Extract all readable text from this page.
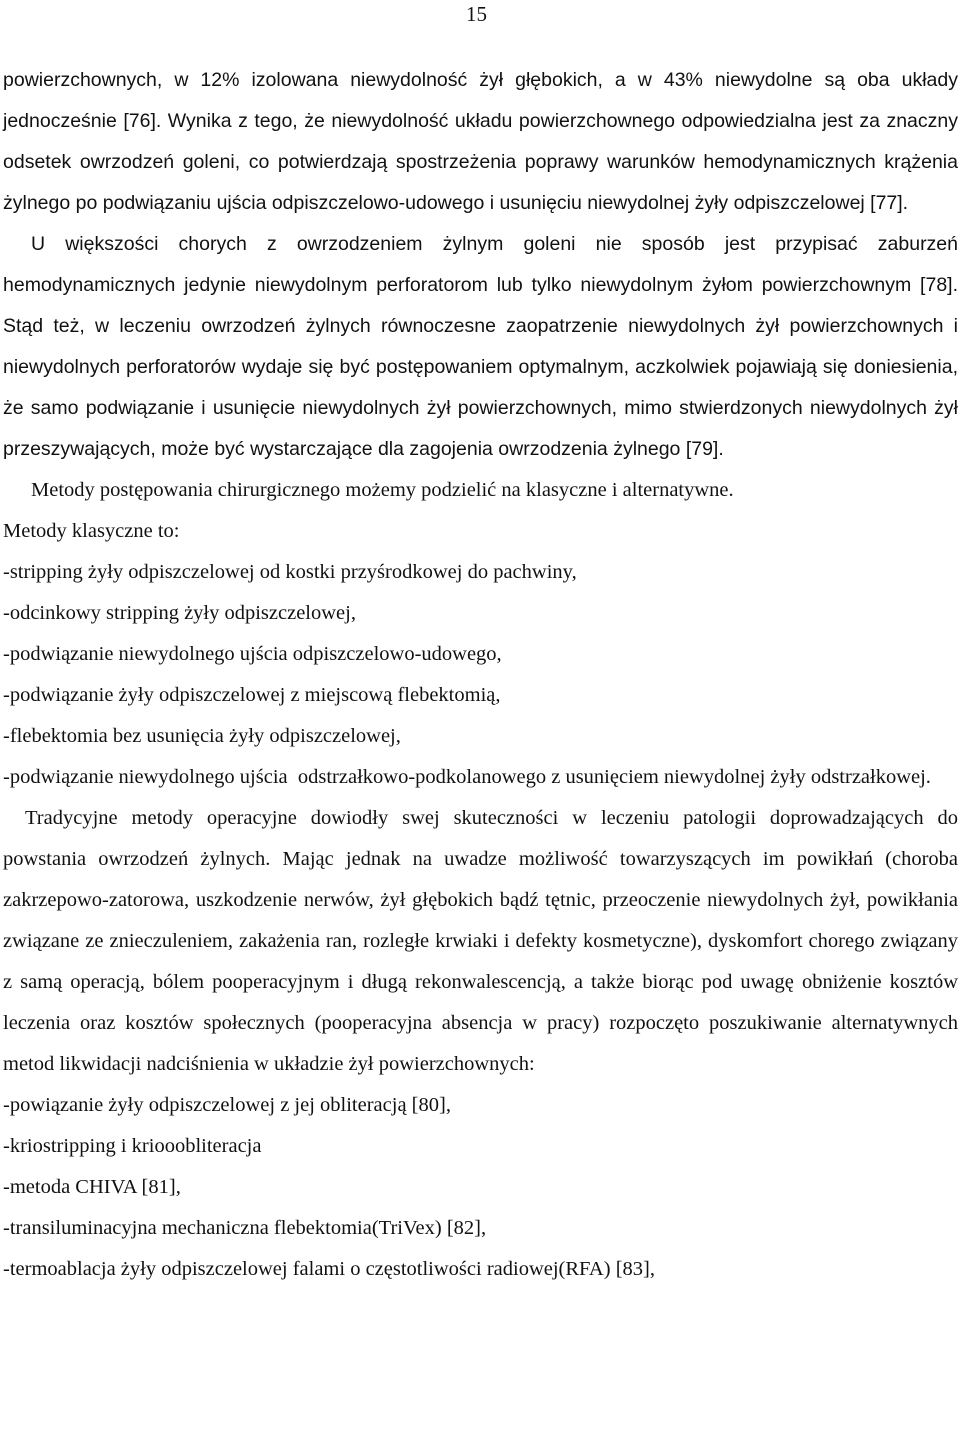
15

powierzchownych, w 12% izolowana niewydolność żył głębokich, a w 43% niewydolne są oba układy jednocześnie [76]. Wynika z tego, że niewydolność układu powierzchownego odpowiedzialna jest za znaczny odsetek owrzodzeń goleni, co potwierdzają spostrzeżenia poprawy warunków hemodynamicznych krążenia żylnego po podwiązaniu ujścia odpiszczelowo-udowego i usunięciu niewydolnej żyły odpiszczelowej [77].

U większości chorych z owrzodzeniem żylnym goleni nie sposób jest przypisać zaburzeń hemodynamicznych jedynie niewydolnym perforatorom lub tylko niewydolnym żyłom powierzchownym [78]. Stąd też, w leczeniu owrzodzeń żylnych równoczesne zaopatrzenie niewydolnych żył powierzchownych i niewydolnych perforatorów wydaje się być postępowaniem optymalnym, aczkolwiek pojawiają się doniesienia, że samo podwiązanie i usunięcie niewydolnych żył powierzchownych, mimo stwierdzonych niewydolnych żył przeszywających, może być wystarczające dla zagojenia owrzodzenia żylnego [79].

Metody postępowania chirurgicznego możemy podzielić na klasyczne i alternatywne.

Metody klasyczne to:

-stripping żyły odpiszczelowej od kostki przyśrodkowej do pachwiny,

-odcinkowy stripping żyły odpiszczelowej,

-podwiązanie niewydolnego ujścia odpiszczelowo-udowego,

-podwiązanie żyły odpiszczelowej z miejscową flebektomią,

-flebektomia bez usunięcia żyły odpiszczelowej,

-podwiązanie niewydolnego ujścia  odstrzałkowo-podkolanowego z usunięciem niewydolnej żyły odstrzałkowej.

Tradycyjne metody operacyjne dowiodły swej skuteczności w leczeniu patologii doprowadzających do powstania owrzodzeń żylnych. Mając jednak na uwadze możliwość towarzyszących im powikłań (choroba zakrzepowo-zatorowa, uszkodzenie nerwów, żył głębokich bądź tętnic, przeoczenie niewydolnych żył, powikłania związane ze znieczuleniem, zakażenia ran, rozległe krwiaki i defekty kosmetyczne), dyskomfort chorego związany z samą operacją, bólem pooperacyjnym i długą rekonwalescencją, a także biorąc pod uwagę obniżenie kosztów leczenia oraz kosztów społecznych (pooperacyjna absencja w pracy) rozpoczęto poszukiwanie alternatywnych metod likwidacji nadciśnienia w układzie żył powierzchownych:

-powiązanie żyły odpiszczelowej z jej obliteracją [80],

-kriostripping i kriooobliteracja

-metoda CHIVA [81],

-transiluminacyjna mechaniczna flebektomia(TriVex) [82],

-termoablacja żyły odpiszczelowej falami o częstotliwości radiowej(RFA) [83],
